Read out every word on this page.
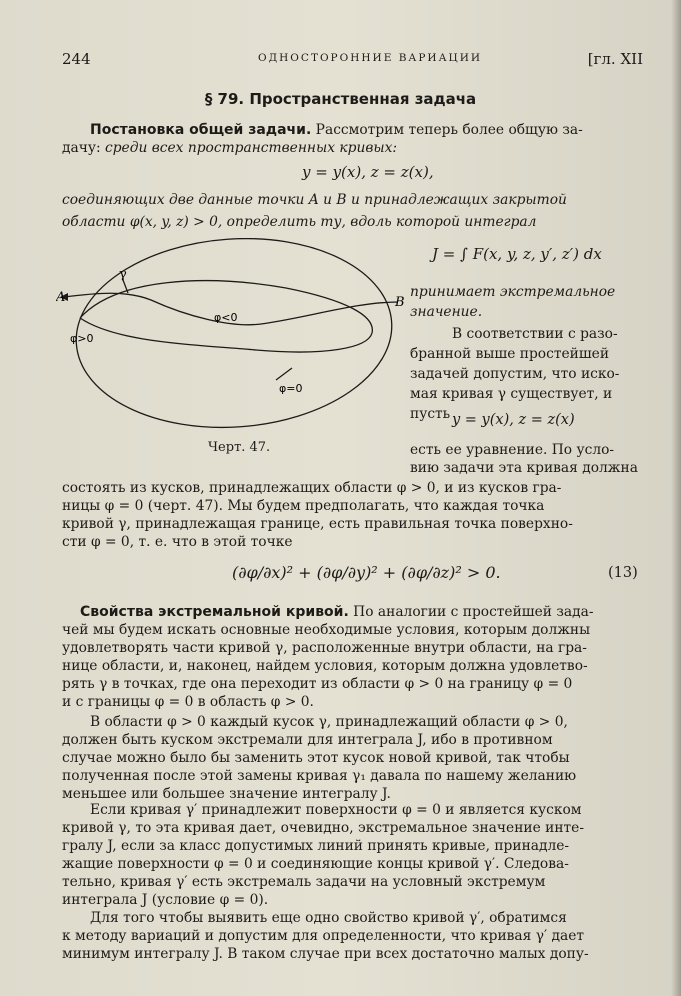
244	ОДНОСТОРОННИЕ ВАРИАЦИИ	[гл. XII
§ 79. Пространственная задача
Постановка общей задачи. Рассмотрим теперь более общую за-
дачу: среди всех пространственных кривых:
y = y(x), z = z(x),
соединяющих две данные точки A и B и принадлежащих закрытой
области φ(x, y, z) > 0, определить ту, вдоль которой интеграл
A	B
γ
φ>0
φ<0
φ=0
Черт. 47.
J = ∫ F(x, y, z, y′, z′) dx
принимает экстремальное
значение.
В соответствии с разо-
бранной выше простейшей
задачей допустим, что иско-
мая кривая γ существует, и
пусть y = y(x), z = z(x)
есть ее уравнение. По усло-
вию задачи эта кривая должна
состоять из кусков, принадлежащих области φ > 0, и из кусков гра-
ницы φ = 0 (черт. 47). Мы будем предполагать, что каждая точка
кривой γ, принадлежащая границе, есть правильная точка поверхно-
сти φ = 0, т. е. что в этой точке
(∂φ/∂x)² + (∂φ/∂y)² + (∂φ/∂z)² > 0.	(13)
Свойства экстремальной кривой. По аналогии с простейшей зада-
чей мы будем искать основные необходимые условия, которым должны
удовлетворять части кривой γ, расположенные внутри области, на гра-
нице области, и, наконец, найдем условия, которым должна удовлетво-
рять γ в точках, где она переходит из области φ > 0 на границу φ = 0
и с границы φ = 0 в область φ > 0.
В области φ > 0 каждый кусок γ, принадлежащий области φ > 0,
должен быть куском экстремали для интеграла J, ибо в противном
случае можно было бы заменить этот кусок новой кривой, так чтобы
полученная после этой замены кривая γ₁ давала по нашему желанию
меньшее или большее значение интегралу J.
Если кривая γ′ принадлежит поверхности φ = 0 и является куском
кривой γ, то эта кривая дает, очевидно, экстремальное значение инте-
гралу J, если за класс допустимых линий принять кривые, принадле-
жащие поверхности φ = 0 и соединяющие концы кривой γ′. Следова-
тельно, кривая γ′ есть экстремаль задачи на условный экстремум
интеграла J (условие φ = 0).
Для того чтобы выявить еще одно свойство кривой γ′, обратимся
к методу вариаций и допустим для определенности, что кривая γ′ дает
минимум интегралу J. В таком случае при всех достаточно малых допу-
